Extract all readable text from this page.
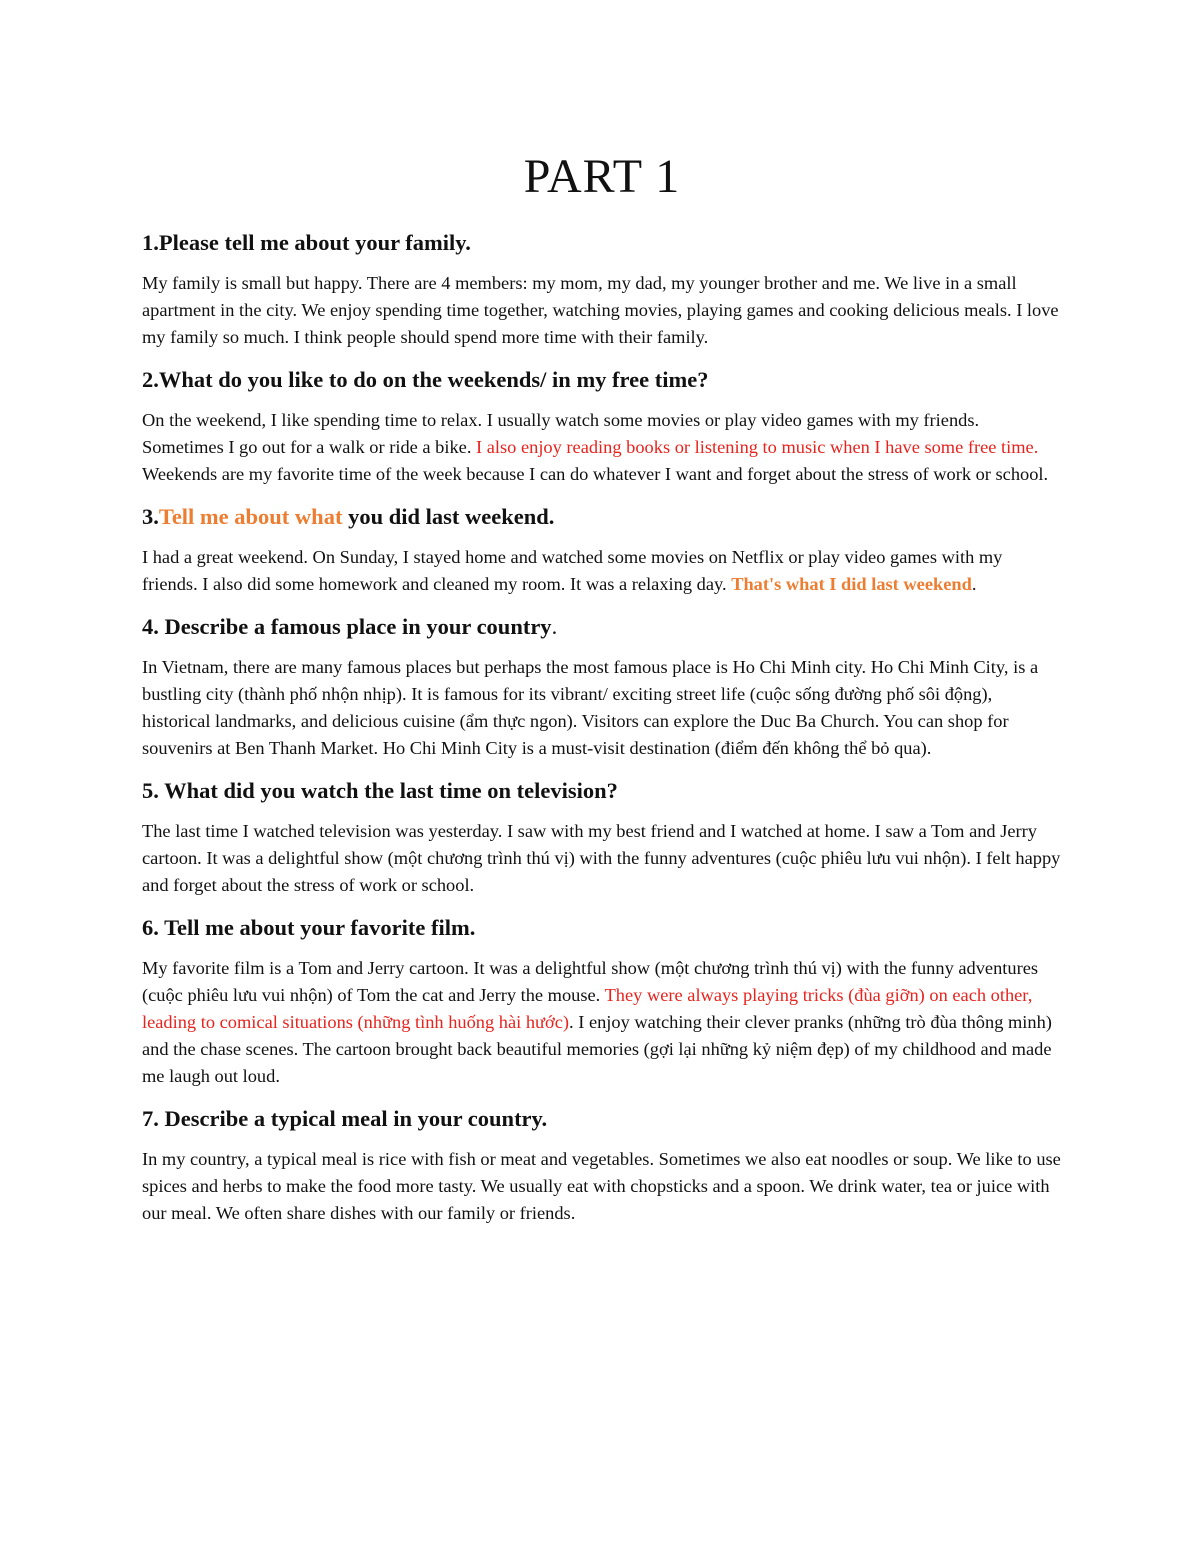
PART 1

1.Please tell me about your family.

My family is small but happy. There are 4 members: my mom, my dad, my younger brother and me. We live in a small apartment in the city. We enjoy spending time together, watching movies, playing games and cooking delicious meals. I love my family so much. I think people should spend more time with their family.

2.What do you like to do on the weekends/ in my free time?

On the weekend, I like spending time to relax. I usually watch some movies or play video games with my friends. Sometimes I go out for a walk or ride a bike. I also enjoy reading books or listening to music when I have some free time. Weekends are my favorite time of the week because I can do whatever I want and forget about the stress of work or school.

3.Tell me about what you did last weekend.

I had a great weekend. On Sunday, I stayed home and watched some movies on Netflix or play video games with my friends. I also did some homework and cleaned my room. It was a relaxing day. That's what I did last weekend.

4. Describe a famous place in your country.

In Vietnam, there are many famous places but perhaps the most famous place is Ho Chi Minh city. Ho Chi Minh City, is a bustling city (thành phố nhộn nhịp). It is famous for its vibrant/ exciting street life (cuộc sống đường phố sôi động), historical landmarks, and delicious cuisine (ẩm thực ngon). Visitors can explore the Duc Ba Church. You can shop for souvenirs at Ben Thanh Market. Ho Chi Minh City is a must-visit destination (điểm đến không thể bỏ qua).

5. What did you watch the last time on television?

The last time I watched television was yesterday. I saw with my best friend and I watched at home. I saw a Tom and Jerry cartoon. It was a delightful show (một chương trình thú vị) with the funny adventures (cuộc phiêu lưu vui nhộn). I felt happy and forget about the stress of work or school.

6. Tell me about your favorite film.

My favorite film is a Tom and Jerry cartoon. It was a delightful show (một chương trình thú vị) with the funny adventures (cuộc phiêu lưu vui nhộn) of Tom the cat and Jerry the mouse. They were always playing tricks (đùa giỡn) on each other, leading to comical situations (những tình huống hài hước). I enjoy watching their clever pranks (những trò đùa thông minh) and the chase scenes. The cartoon brought back beautiful memories (gợi lại những kỷ niệm đẹp) of my childhood and made me laugh out loud.

7. Describe a typical meal in your country.

In my country, a typical meal is rice with fish or meat and vegetables. Sometimes we also eat noodles or soup. We like to use spices and herbs to make the food more tasty. We usually eat with chopsticks and a spoon. We drink water, tea or juice with our meal. We often share dishes with our family or friends.
